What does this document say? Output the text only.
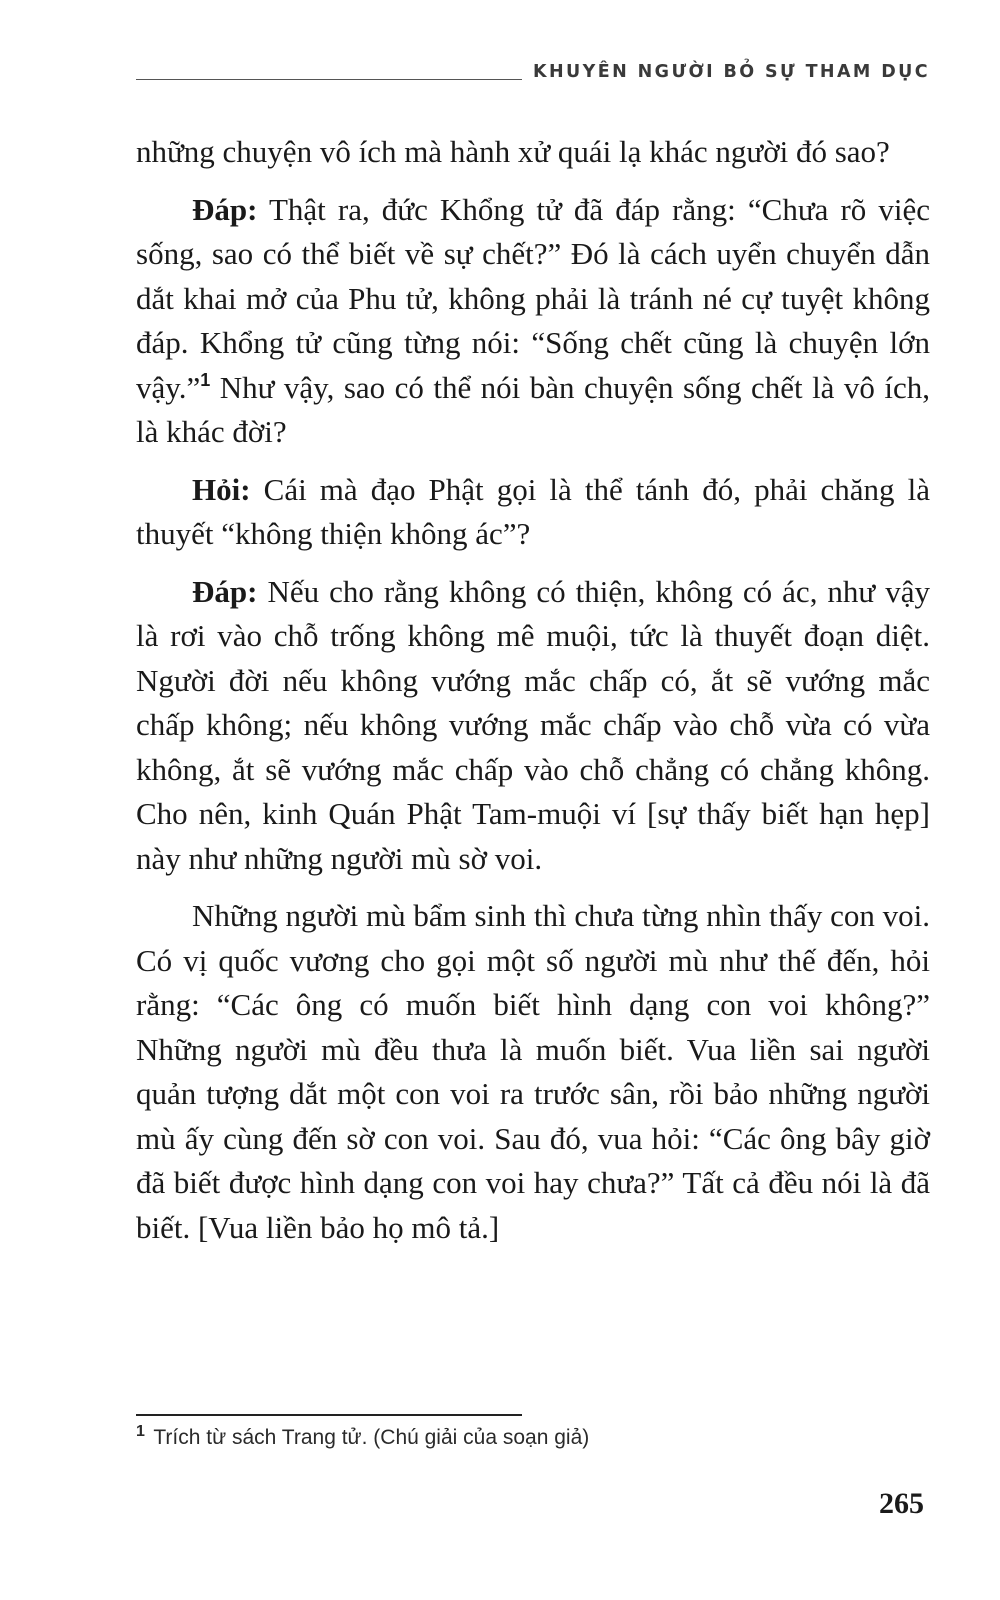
KHUYÊN NGƯỜI BỎ SỰ THAM DỤC

những chuyện vô ích mà hành xử quái lạ khác người đó sao?

Đáp: Thật ra, đức Khổng tử đã đáp rằng: “Chưa rõ việc sống, sao có thể biết về sự chết?” Đó là cách uyển chuyển dẫn dắt khai mở của Phu tử, không phải là tránh né cự tuyệt không đáp. Khổng tử cũng từng nói: “Sống chết cũng là chuyện lớn vậy.”$^1$ Như vậy, sao có thể nói bàn chuyện sống chết là vô ích, là khác đời?

Hỏi: Cái mà đạo Phật gọi là thể tánh đó, phải chăng là thuyết “không thiện không ác”?

Đáp: Nếu cho rằng không có thiện, không có ác, như vậy là rơi vào chỗ trống không mê muội, tức là thuyết đoạn diệt. Người đời nếu không vướng mắc chấp có, ắt sẽ vướng mắc chấp không; nếu không vướng mắc chấp vào chỗ vừa có vừa không, ắt sẽ vướng mắc chấp vào chỗ chẳng có chẳng không. Cho nên, kinh Quán Phật Tam-muội ví [sự thấy biết hạn hẹp] này như những người mù sờ voi.

Những người mù bẩm sinh thì chưa từng nhìn thấy con voi. Có vị quốc vương cho gọi một số người mù như thế đến, hỏi rằng: “Các ông có muốn biết hình dạng con voi không?” Những người mù đều thưa là muốn biết. Vua liền sai người quản tượng dắt một con voi ra trước sân, rồi bảo những người mù ấy cùng đến sờ con voi. Sau đó, vua hỏi: “Các ông bây giờ đã biết được hình dạng con voi hay chưa?” Tất cả đều nói là đã biết. [Vua liền bảo họ mô tả.]

$^1$ Trích từ sách Trang tử. (Chú giải của soạn giả)
265
